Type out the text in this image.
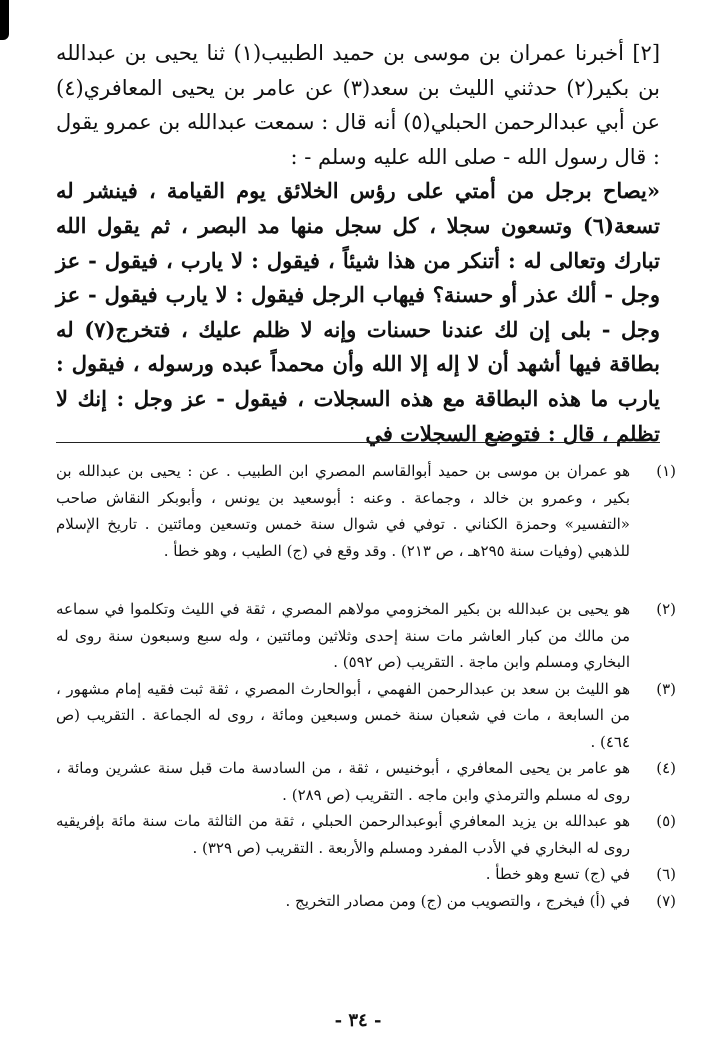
[٢] أخبرنا عمران بن موسى بن حميد الطبيب(١) ثنا يحيى بن عبدالله بن بكير(٢) حدثني الليث بن سعد(٣) عن عامر بن يحيى المعافري(٤) عن أبي عبدالرحمن الحبلي(٥) أنه قال : سمعت عبدالله بن عمرو يقول : قال رسول الله - صلى الله عليه وسلم - :

«يصاح برجل من أمتي على رؤس الخلائق يوم القيامة ، فينشر له تسعة(٦) وتسعون سجلا ، كل سجل منها مد البصر ، ثم يقول الله تبارك وتعالى له : أتنكر من هذا شيئاً ، فيقول : لا يارب ، فيقول - عز وجل - ألك عذر أو حسنة؟ فيهاب الرجل فيقول : لا يارب فيقول - عز وجل - بلى إن لك عندنا حسنات وإنه لا ظلم عليك ، فتخرج(٧) له بطاقة فيها أشهد أن لا إله إلا الله وأن محمداً عبده ورسوله ، فيقول : يارب ما هذه البطاقة مع هذه السجلات ، فيقول - عز وجل : إنك لا تظلم ، قال : فتوضع السجلات في

(١)
هو عمران بن موسى بن حميد أبوالقاسم المصري ابن الطبيب . عن : يحيى بن عبدالله بن بكير ، وعمرو بن خالد ، وجماعة . وعنه : أبوسعيد بن يونس ، وأبوبكر النقاش صاحب «التفسير» وحمزة الكناني . توفي في شوال سنة خمس وتسعين ومائتين . تاريخ الإسلام للذهبي (وفيات سنة ٢٩٥هـ ، ص ٢١٣) . وقد وقع في (ج) الطيب ، وهو خطأ .
(٢)
هو يحيى بن عبدالله بن بكير المخزومي مولاهم المصري ، ثقة في الليث وتكلموا في سماعه من مالك من كبار العاشر مات سنة إحدى وثلاثين ومائتين ، وله سبع وسبعون سنة روى له البخاري ومسلم وابن ماجة . التقريب (ص ٥٩٢) .
(٣)
هو الليث بن سعد بن عبدالرحمن الفهمي ، أبوالحارث المصري ، ثقة ثبت فقيه إمام مشهور ، من السابعة ، مات في شعبان سنة خمس وسبعين ومائة ، روى له الجماعة . التقريب (ص ٤٦٤) .
(٤)
هو عامر بن يحيى المعافري ، أبوخنيس ، ثقة ، من السادسة مات قبل سنة عشرين ومائة ، روى له مسلم والترمذي وابن ماجه . التقريب (ص ٢٨٩) .
(٥)
هو عبدالله بن يزيد المعافري أبوعبدالرحمن الحبلي ، ثقة من الثالثة مات سنة مائة بإفريقيه روى له البخاري في الأدب المفرد ومسلم والأربعة . التقريب (ص ٣٢٩) .
(٦)
في (ج) تسع وهو خطأ .
(٧)
في (أ) فيخرج ، والتصويب من (ج) ومن مصادر التخريج .
- ٣٤ -
